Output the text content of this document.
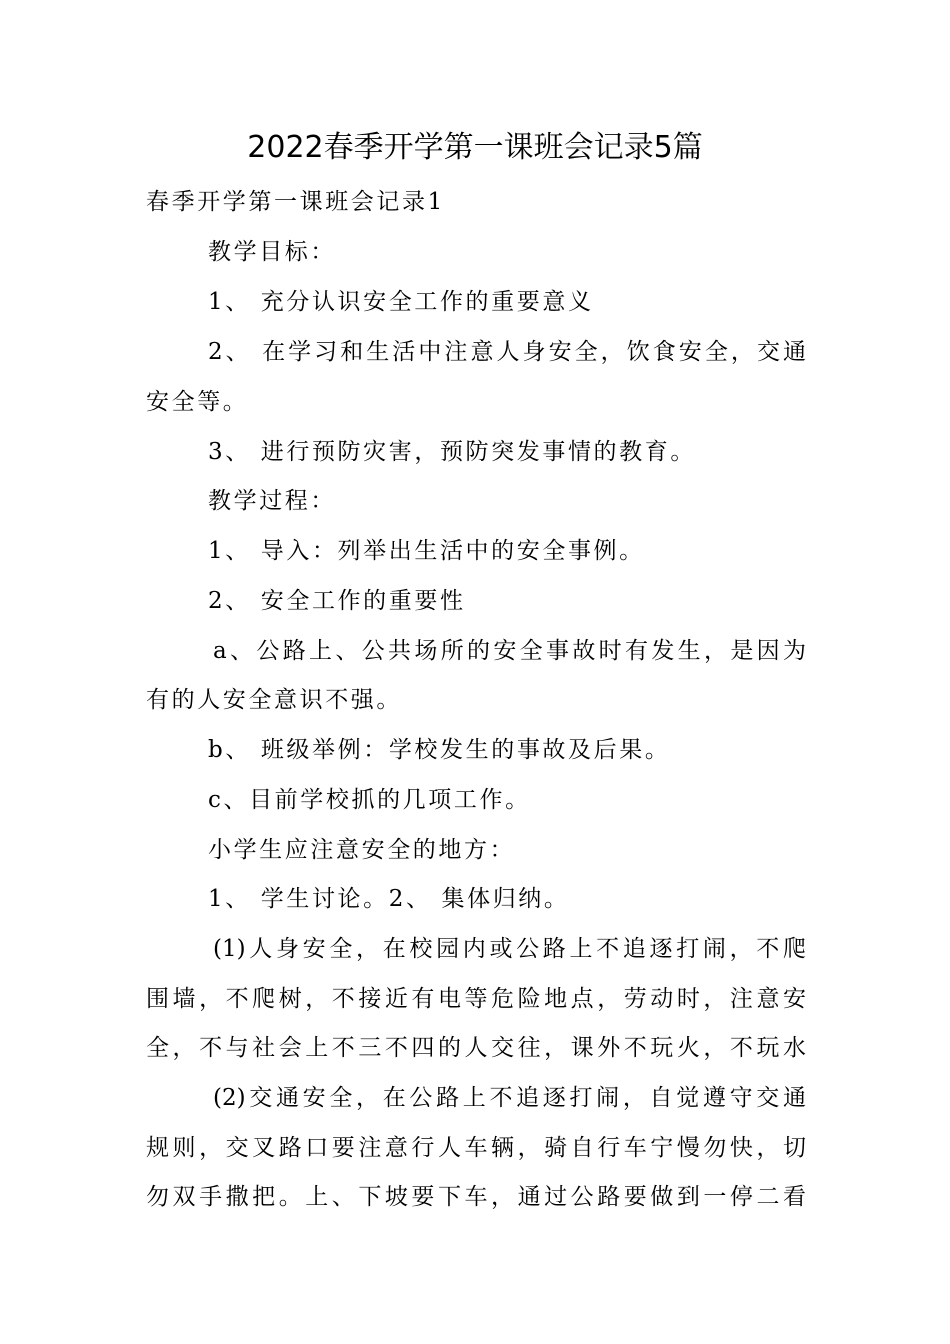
2022春季开学第一课班会记录5篇
春季开学第一课班会记录1
教学目标：
1、 充分认识安全工作的重要意义
2、 在学习和生活中注意人身安全，饮食安全，交通
安全等。
3、 进行预防灾害，预防突发事情的教育。
教学过程：
1、 导入：列举出生活中的安全事例。
2、 安全工作的重要性
a、公路上、公共场所的安全事故时有发生，是因为
有的人安全意识不强。
b、 班级举例：学校发生的事故及后果。
c、目前学校抓的几项工作。
小学生应注意安全的地方：
1、 学生讨论。2、 集体归纳。
(1)人身安全，在校园内或公路上不追逐打闹，不爬
围墙，不爬树，不接近有电等危险地点，劳动时，注意安
全，不与社会上不三不四的人交往，课外不玩火，不玩水
(2)交通安全，在公路上不追逐打闹，自觉遵守交通
规则，交叉路口要注意行人车辆，骑自行车宁慢勿快，切
勿双手撒把。上、下坡要下车，通过公路要做到一停二看
